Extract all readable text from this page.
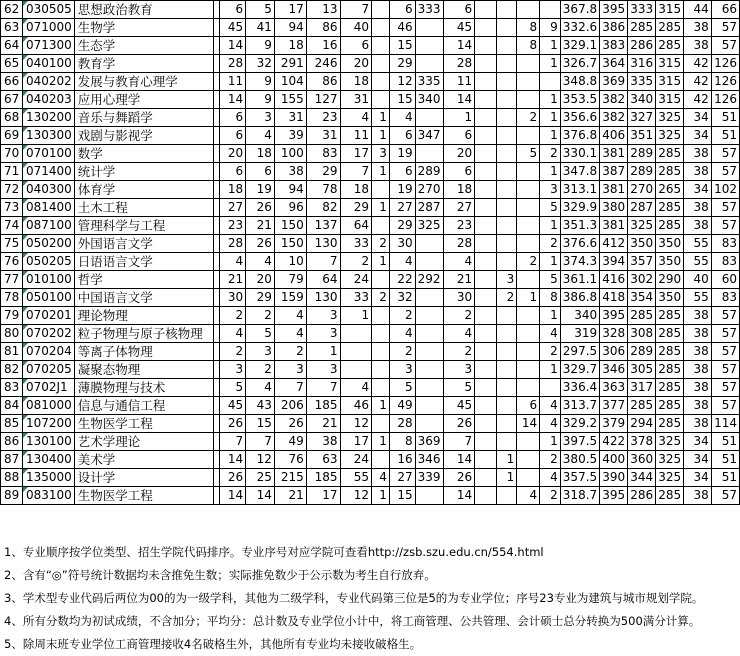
62	030505	思想政治教育		6	5	17	13	7		6	333	6					367.8	395	333	315	44	66
63	071000	生物学		45	41	94	86	40		46		45			8	9	332.6	386	285	285	38	57
64	071300	生态学		14	9	18	16	6		15		14			8	1	329.1	383	286	285	38	57
65	040100	教育学		28	32	291	246	20		29		28				1	326.7	364	316	315	42	126
66	040202	发展与教育心理学		11	9	104	86	18		12	335	11					348.8	369	335	315	42	126
67	040203	应用心理学		14	9	155	127	31		15	340	14				1	353.5	382	340	315	42	126
68	130200	音乐与舞蹈学		6	3	31	23	4	1	4		1			2	1	356.6	382	327	325	34	51
69	130300	戏剧与影视学		6	4	39	31	11	1	6	347	6				1	376.8	406	351	325	34	51
70	070100	数学		20	18	100	83	17	3	19		20			5	2	330.1	381	289	285	38	57
71	071400	统计学		6	6	38	29	7	1	6	289	6				1	347.8	387	289	285	38	57
72	040300	体育学		18	19	94	78	18		19	270	18				3	313.1	381	270	265	34	102
73	081400	土木工程		27	26	96	82	29	1	27	287	27				5	329.9	380	287	285	38	57
74	087100	管理科学与工程		23	21	150	137	64		29	325	23				1	351.3	381	325	285	38	57
75	050200	外国语言文学		28	26	150	130	33	2	30		28				2	376.6	412	350	350	55	83
76	050205	日语语言文学		4	4	10	7	2	1	4		4			2	1	374.3	394	357	350	55	83
77	010100	哲学		21	20	79	64	24		22	292	21		3		5	361.1	416	302	290	40	60
78	050100	中国语言文学		30	29	159	130	33	2	32		30		2	1	8	386.8	418	354	350	55	83
79	070201	理论物理		2	2	4	3	1		2		2				1	340	395	285	285	38	57
80	070202	粒子物理与原子核物理		4	5	4	3			4		4				4	319	328	308	285	38	57
81	070204	等离子体物理		2	3	2	1			2		2				2	297.5	306	289	285	38	57
82	070205	凝聚态物理		3	2	3	3			3		3				1	329.7	346	305	285	38	57
83	0702J1	薄膜物理与技术		5	4	7	7	4		5		5					336.4	363	317	285	38	57
84	081000	信息与通信工程		45	43	206	185	46	1	49		45			6	4	313.7	377	285	285	38	57
85	107200	生物医学工程		26	15	26	21	12		28		26			14	4	329.2	379	294	285	38	114
86	130100	艺术学理论		7	7	49	38	17	1	8	369	7				1	397.5	422	378	325	34	51
87	130400	美术学		14	12	76	63	24		16	346	14		1		2	380.5	400	360	325	34	51
88	135000	设计学		26	25	215	185	55	4	27	339	26		1		4	357.5	390	344	325	34	51
89	083100	生物医学工程		14	14	21	17	12	1	15		14			4	2	318.7	395	286	285	38	57
1、专业顺序按学位类型、招生学院代码排序。专业序号对应学院可查看http://zsb.szu.edu.cn/554.html
2、含有“◎”符号统计数据均未含推免生数；实际推免数少于公示数为考生自行放弃。
3、学术型专业代码后两位为00的为一级学科，其他为二级学科，专业代码第三位是5的为专业学位；序号23专业为建筑与城市规划学院。
4、所有分数均为初试成绩，不含加分；平均分：总计数及专业学位小计中，将工商管理、公共管理、会计硕士总分转换为500满分计算。
5、除周末班专业学位工商管理接收4名破格生外，其他所有专业均未接收破格生。
